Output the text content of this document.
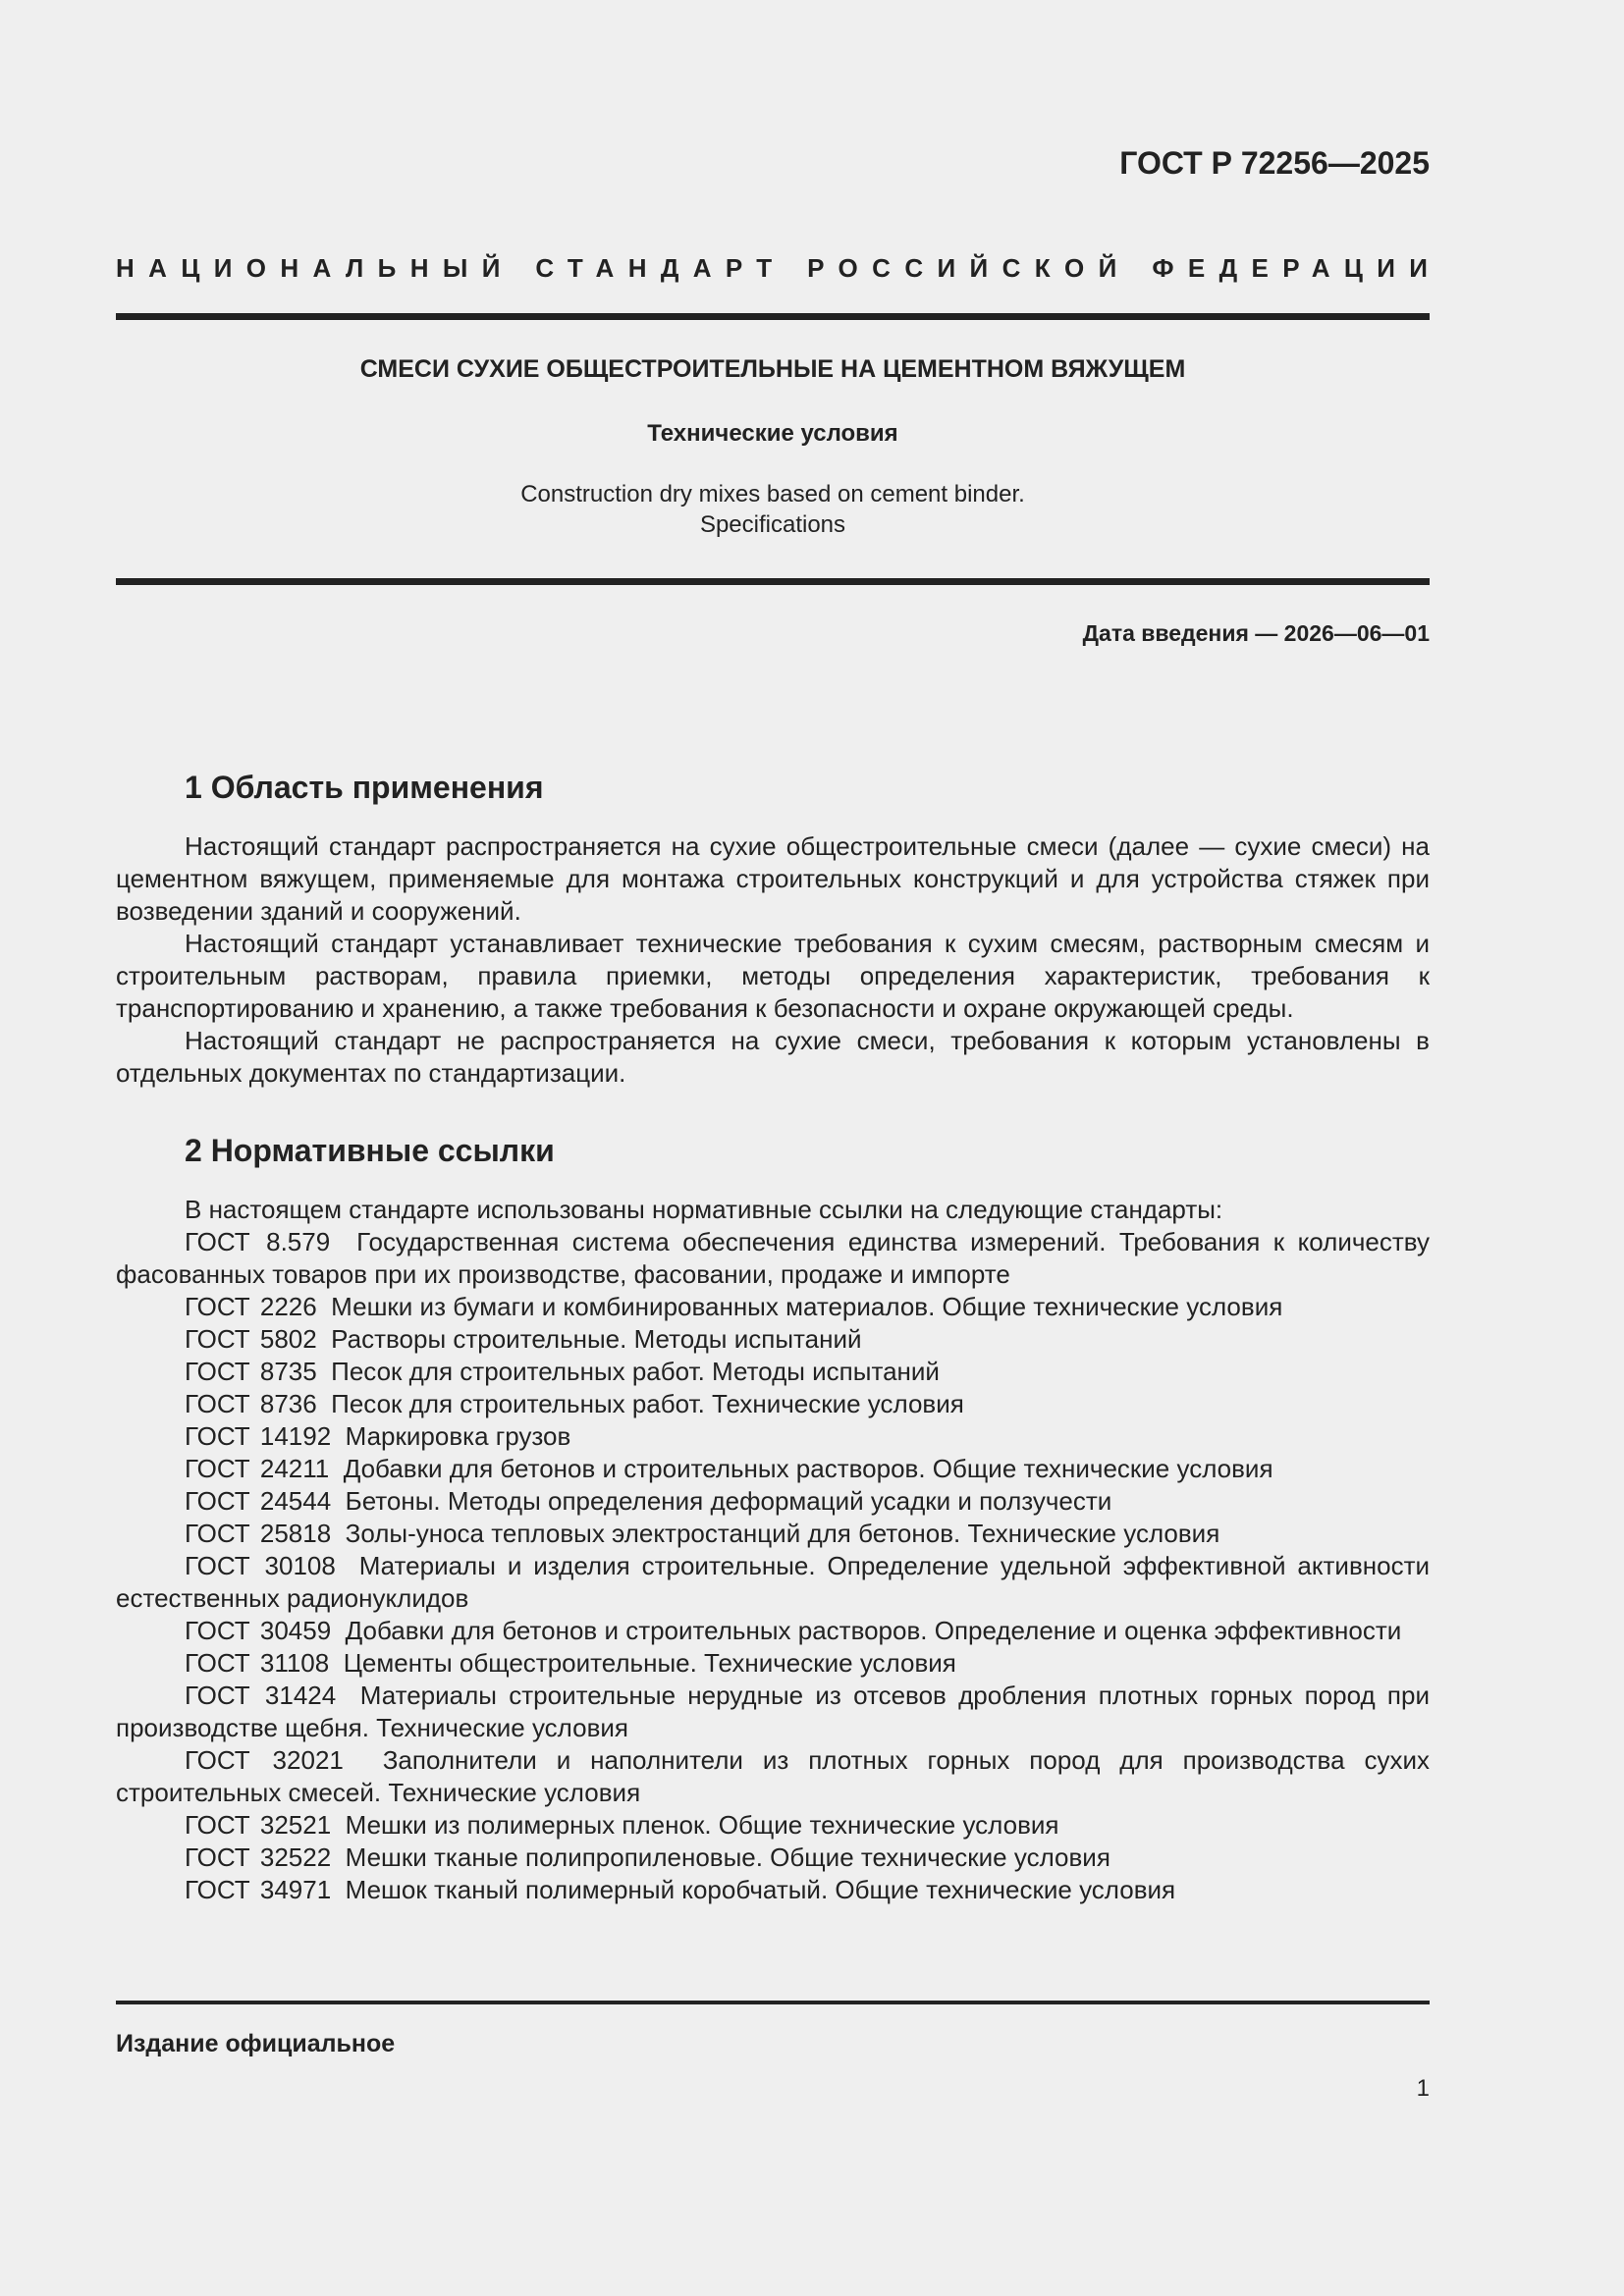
ГОСТ Р 72256—2025
НАЦИОНАЛЬНЫЙ СТАНДАРТ РОССИЙСКОЙ ФЕДЕРАЦИИ
СМЕСИ СУХИЕ ОБЩЕСТРОИТЕЛЬНЫЕ НА ЦЕМЕНТНОМ ВЯЖУЩЕМ
Технические условия
Construction dry mixes based on cement binder.
Specifications
Дата введения — 2026—06—01
1 Область применения

Настоящий стандарт распространяется на сухие общестроительные смеси (далее — сухие смеси) на цементном вяжущем, применяемые для монтажа строительных конструкций и для устройства стяжек при возведении зданий и сооружений.

Настоящий стандарт устанавливает технические требования к сухим смесям, растворным смесям и строительным растворам, правила приемки, методы определения характеристик, требования к транспортированию и хранению, а также требования к безопасности и охране окружающей среды.

Настоящий стандарт не распространяется на сухие смеси, требования к которым установлены в отдельных документах по стандартизации.

2 Нормативные ссылки

В настоящем стандарте использованы нормативные ссылки на следующие стандарты:

ГОСТ 8.579 Государственная система обеспечения единства измерений. Требования к количеству фасованных товаров при их производстве, фасовании, продаже и импорте

ГОСТ 2226 Мешки из бумаги и комбинированных материалов. Общие технические условия

ГОСТ 5802 Растворы строительные. Методы испытаний

ГОСТ 8735 Песок для строительных работ. Методы испытаний

ГОСТ 8736 Песок для строительных работ. Технические условия

ГОСТ 14192 Маркировка грузов

ГОСТ 24211 Добавки для бетонов и строительных растворов. Общие технические условия

ГОСТ 24544 Бетоны. Методы определения деформаций усадки и ползучести

ГОСТ 25818 Золы-уноса тепловых электростанций для бетонов. Технические условия

ГОСТ 30108 Материалы и изделия строительные. Определение удельной эффективной активности естественных радионуклидов

ГОСТ 30459 Добавки для бетонов и строительных растворов. Определение и оценка эффективности

ГОСТ 31108 Цементы общестроительные. Технические условия

ГОСТ 31424 Материалы строительные нерудные из отсевов дробления плотных горных пород при производстве щебня. Технические условия

ГОСТ 32021 Заполнители и наполнители из плотных горных пород для производства сухих строительных смесей. Технические условия

ГОСТ 32521 Мешки из полимерных пленок. Общие технические условия

ГОСТ 32522 Мешки тканые полипропиленовые. Общие технические условия

ГОСТ 34971 Мешок тканый полимерный коробчатый. Общие технические условия

Издание официальное
1
